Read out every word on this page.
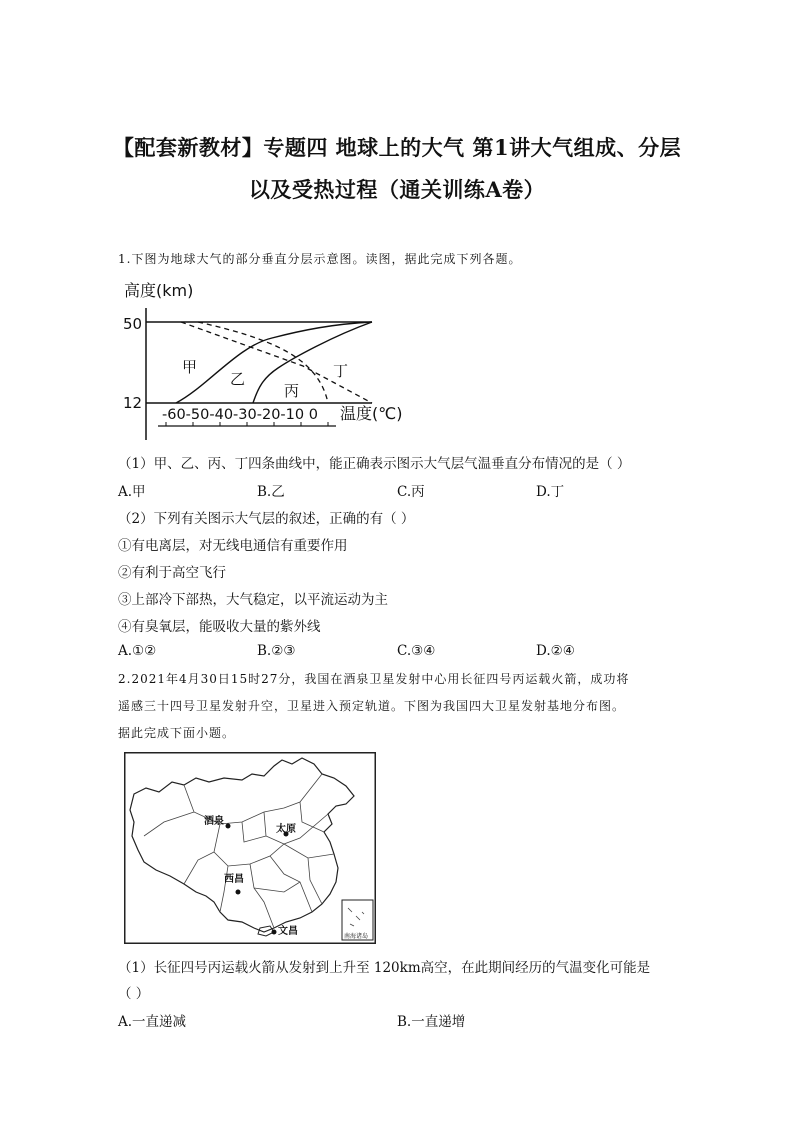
【配套新教材】专题四 地球上的大气 第1讲大气组成、分层
以及受热过程（通关训练A卷）
1.下图为地球大气的部分垂直分层示意图。读图，据此完成下列各题。
高度(km)
50
12
甲
乙
丙
丁
-60-50-40-30-20-10 0 温度(℃)
（1）甲、乙、丙、丁四条曲线中，能正确表示图示大气层气温垂直分布情况的是（ ）
A.甲	B.乙	C.丙	D.丁
（2）下列有关图示大气层的叙述，正确的有（ ）
①有电离层，对无线电通信有重要作用
②有利于高空飞行
③上部冷下部热，大气稳定，以平流运动为主
④有臭氧层，能吸收大量的紫外线
A.①②	B.②③	C.③④	D.②④
2.2021年4月30日15时27分，我国在酒泉卫星发射中心用长征四号丙运载火箭，成功将
遥感三十四号卫星发射升空，卫星进入预定轨道。下图为我国四大卫星发射基地分布图。
据此完成下面小题。
酒泉
太原
西昌
文昌	南海诸岛
（1）长征四号丙运载火箭从发射到上升至 120km高空，在此期间经历的气温变化可能是
（ ）
A.一直递减	B.一直递增
